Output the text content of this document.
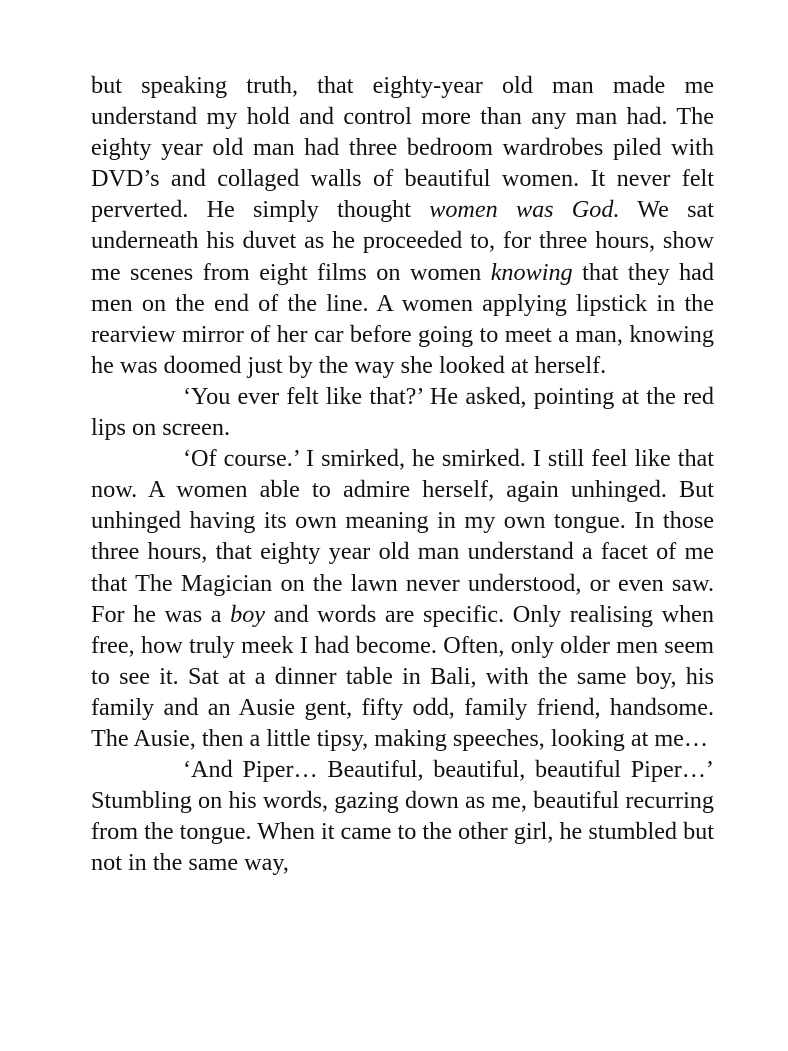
but speaking truth, that eighty-year old man made me understand my hold and control more than any man had. The eighty year old man had three bedroom wardrobes piled with DVD’s and collaged walls of beautiful women. It never felt perverted. He simply thought women was God. We sat underneath his duvet as he proceeded to, for three hours, show me scenes from eight films on women knowing that they had men on the end of the line. A women applying lipstick in the rearview mirror of her car before going to meet a man, knowing he was doomed just by the way she looked at herself.

‘You ever felt like that?’ He asked, pointing at the red lips on screen.

‘Of course.’ I smirked, he smirked. I still feel like that now. A women able to admire herself, again unhinged. But unhinged having its own meaning in my own tongue. In those three hours, that eighty year old man understand a facet of me that The Magician on the lawn never understood, or even saw. For he was a boy and words are specific. Only realising when free, how truly meek I had become. Often, only older men seem to see it. Sat at a dinner table in Bali, with the same boy, his family and an Ausie gent, fifty odd, family friend, handsome. The Ausie, then a little tipsy, making speeches, looking at me…

‘And Piper… Beautiful, beautiful, beautiful Piper…’ Stumbling on his words, gazing down as me, beautiful recurring from the tongue. When it came to the other girl, he stumbled but not in the same way,
